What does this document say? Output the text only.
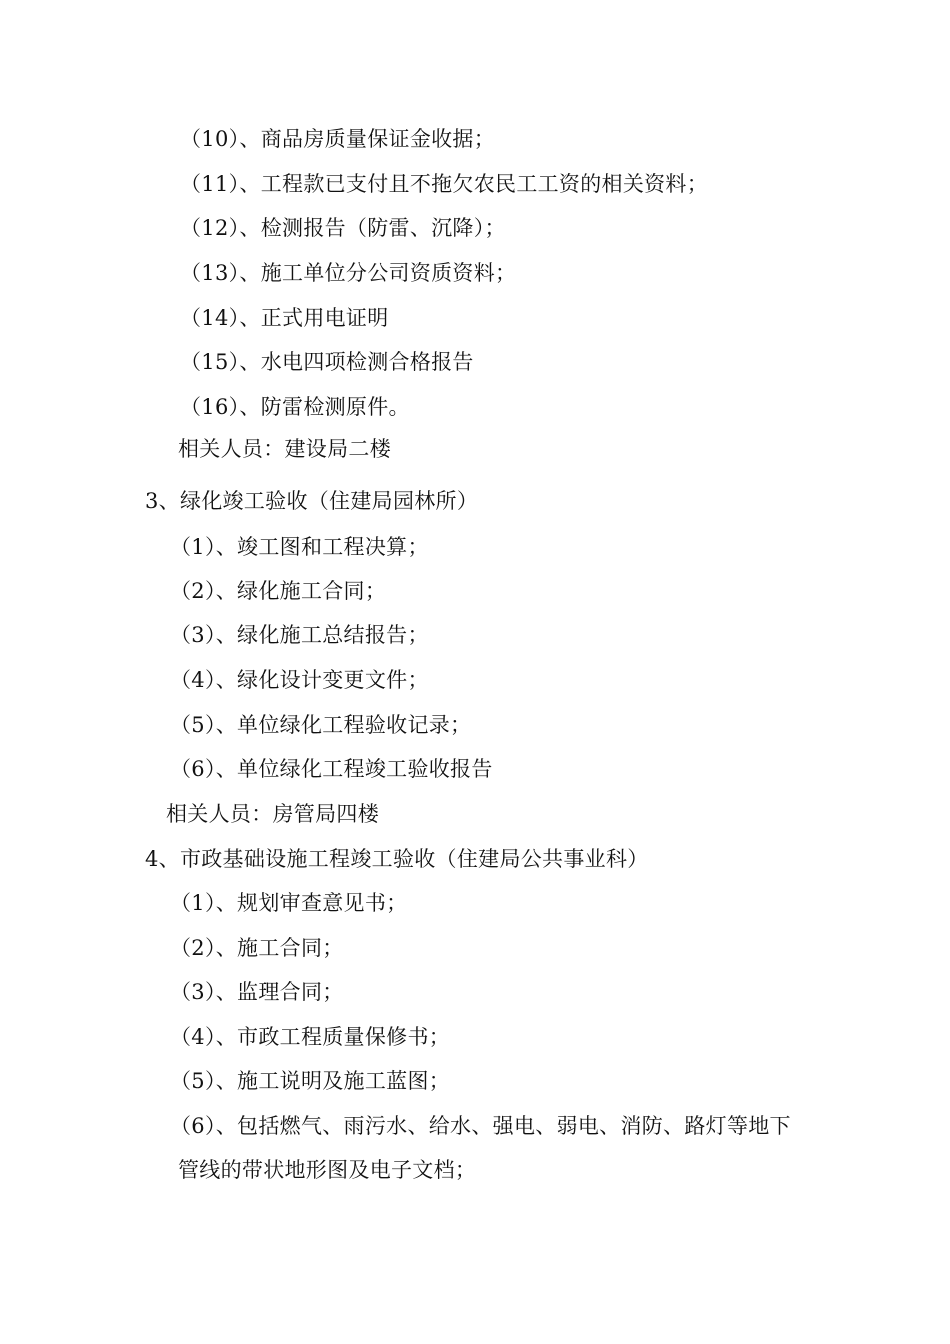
（10）、商品房质量保证金收据；
（11）、工程款已支付且不拖欠农民工工资的相关资料；
（12）、检测报告（防雷、沉降）；
（13）、施工单位分公司资质资料；
（14）、正式用电证明
（15）、水电四项检测合格报告
（16）、防雷检测原件。
相关人员：建设局二楼
3、绿化竣工验收（住建局园林所）
（1）、竣工图和工程决算；
（2）、绿化施工合同；
（3）、绿化施工总结报告；
（4）、绿化设计变更文件；
（5）、单位绿化工程验收记录；
（6）、单位绿化工程竣工验收报告
相关人员：房管局四楼
4、市政基础设施工程竣工验收（住建局公共事业科）
（1）、规划审查意见书；
（2）、施工合同；
（3）、监理合同；
（4）、市政工程质量保修书；
（5）、施工说明及施工蓝图；
（6）、包括燃气、雨污水、给水、强电、弱电、消防、路灯等地下
管线的带状地形图及电子文档；
